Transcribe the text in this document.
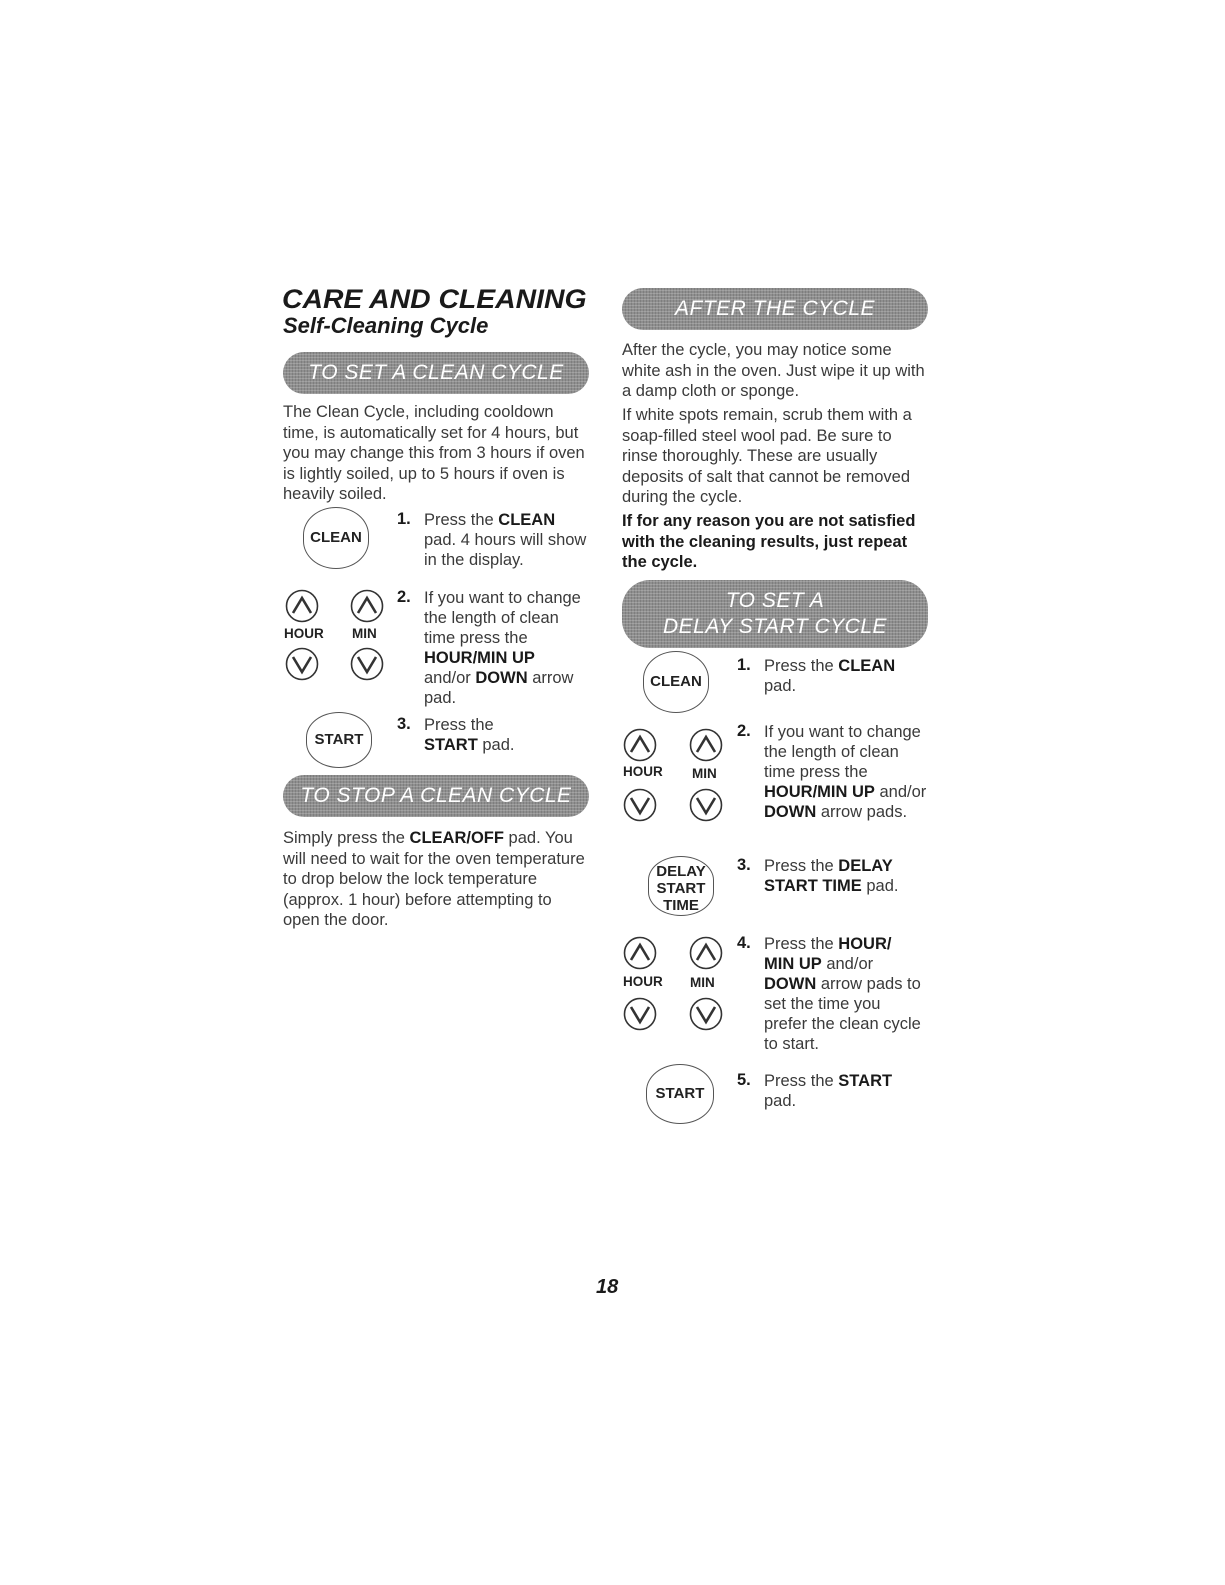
CARE AND CLEANING
Self-Cleaning Cycle
TO SET A CLEAN CYCLE
The Clean Cycle, including cooldown time, is automatically set for 4 hours, but you may change this from 3 hours if oven is lightly soiled, up to 5 hours if oven is heavily soiled.
CLEAN
1. Press the CLEAN pad. 4 hours will show in the display.
HOUR MIN
2. If you want to change the length of clean time press the HOUR/MIN UP and/or DOWN arrow pad.
START
3. Press the
START pad.
TO STOP A CLEAN CYCLE
Simply press the CLEAR/OFF pad. You will need to wait for the oven temperature to drop below the lock temperature (approx. 1 hour) before attempting to open the door.
AFTER THE CYCLE
After the cycle, you may notice some white ash in the oven. Just wipe it up with a damp cloth or sponge.
If white spots remain, scrub them with a soap-filled steel wool pad. Be sure to rinse thoroughly. These are usually deposits of salt that cannot be removed during the cycle.
If for any reason you are not satisfied with the cleaning results, just repeat the cycle.
TO SET A
DELAY START CYCLE
CLEAN
1. Press the CLEAN
pad.
HOUR MIN
2. If you want to change the length of clean time press the HOUR/MIN UP and/or DOWN arrow pads.
DELAY
START
TIME
3. Press the DELAY START TIME pad.
HOUR MIN
4. Press the HOUR/ MIN UP and/or DOWN arrow pads to set the time you prefer the clean cycle to start.
START
5. Press the START
pad.
18
